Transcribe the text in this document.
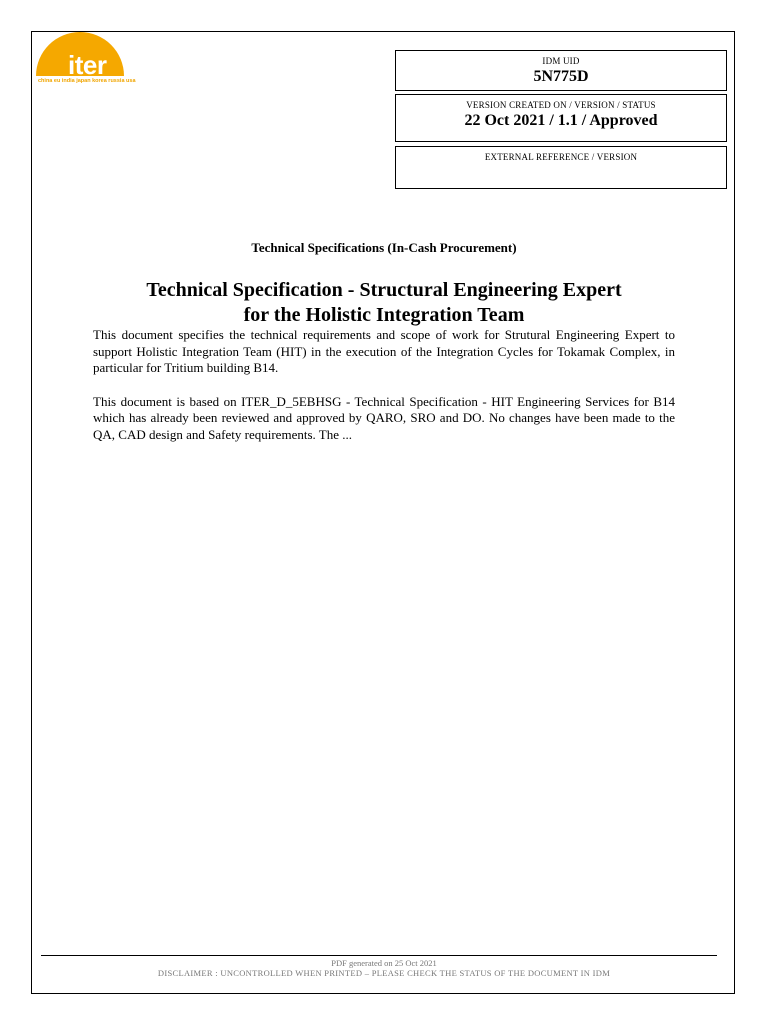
iter
china eu india japan korea russia usa
IDM UID
5N775D
VERSION CREATED ON / VERSION / STATUS
22 Oct 2021 / 1.1 / Approved
EXTERNAL REFERENCE / VERSION
Technical Specifications (In-Cash Procurement)
Technical Specification - Structural Engineering Expert
for the Holistic Integration Team

This document specifies the technical requirements and scope of work for Strutural Engineering Expert to support Holistic Integration Team (HIT) in the execution of the Integration Cycles for Tokamak Complex, in particular for Tritium building B14.

This document is based on ITER_D_5EBHSG - Technical Specification - HIT Engineering Services for B14 which has already been reviewed and approved by QARO, SRO and DO. No changes have been made to the QA, CAD design and Safety requirements. The ...

PDF generated on 25 Oct 2021
DISCLAIMER : UNCONTROLLED WHEN PRINTED – PLEASE CHECK THE STATUS OF THE DOCUMENT IN IDM
